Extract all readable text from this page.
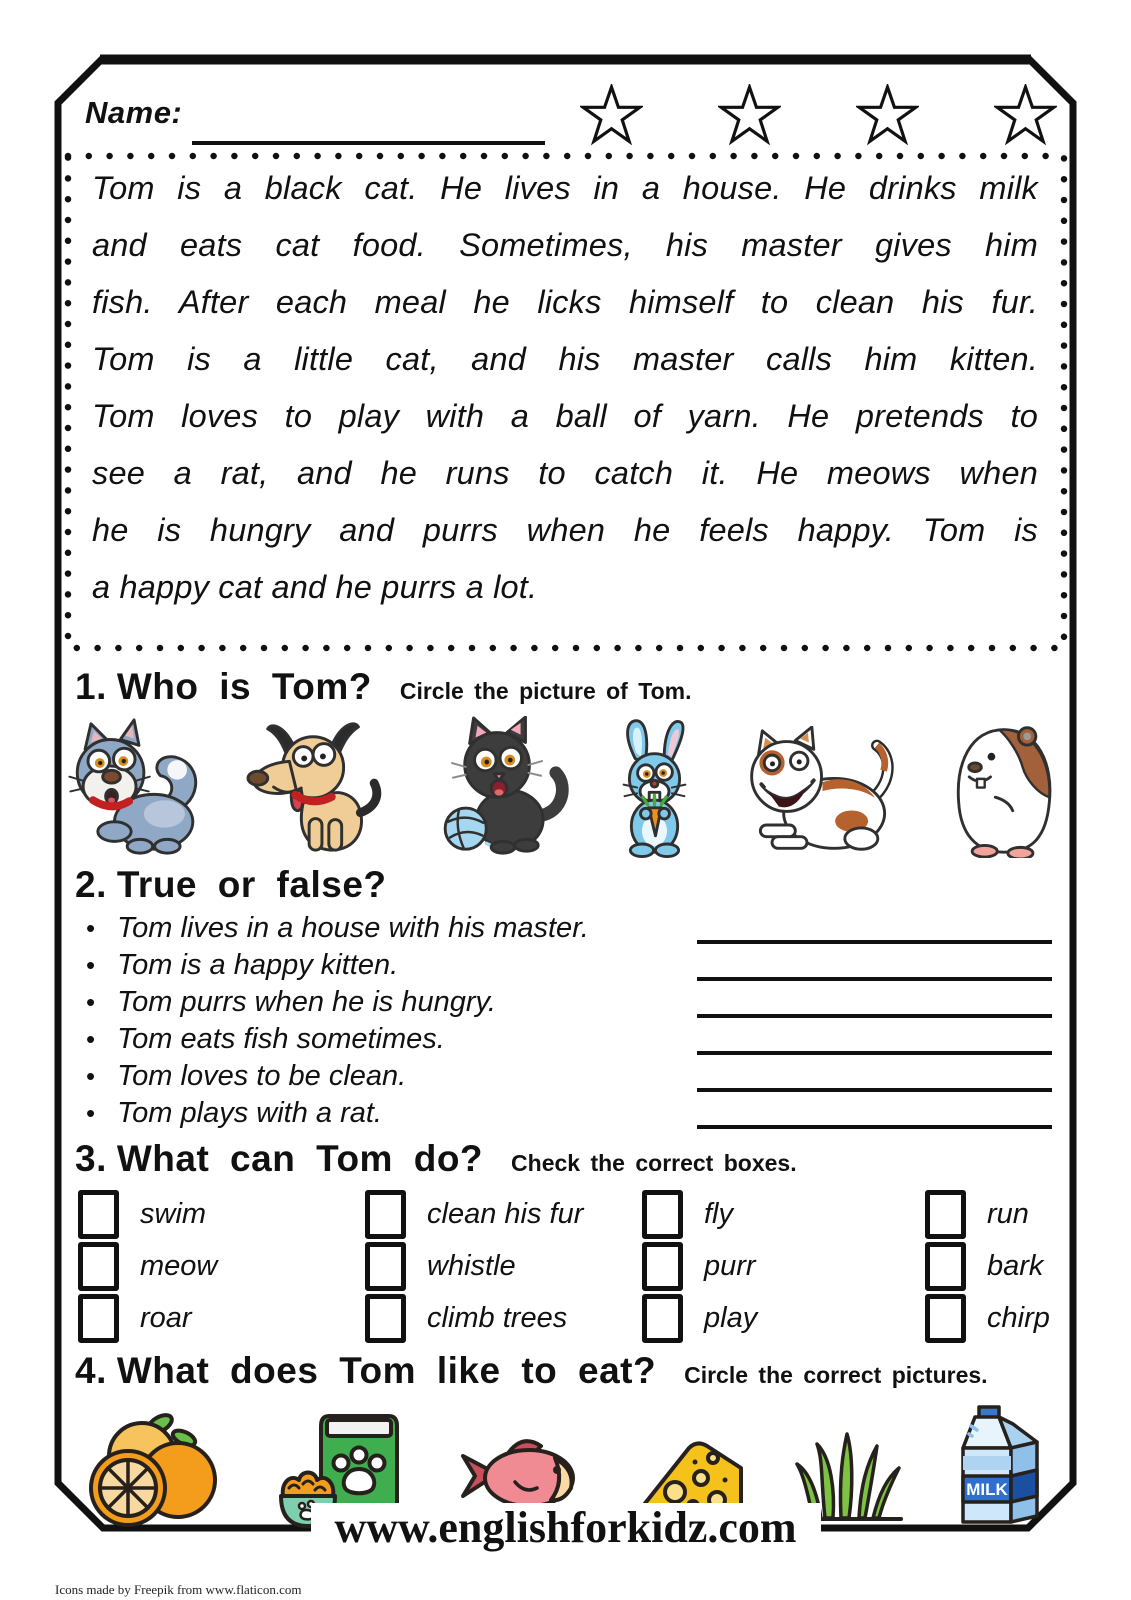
Name:
Tom is a black cat. He lives in a house. He drinks milk
and eats cat food. Sometimes, his master gives him
fish. After each meal he licks himself to clean his fur.
Tom is a little cat, and his master calls him kitten.
Tom loves to play with a ball of yarn. He pretends to
see a rat, and he runs to catch it. He meows when
he is hungry and purrs when he feels happy. Tom is
a happy cat and he purrs a lot.
1. Who is Tom? Circle the picture of Tom.
2. True or false?
• Tom lives in a house with his master.
• Tom is a happy kitten.
• Tom purrs when he is hungry.
• Tom eats fish sometimes.
• Tom loves to be clean.
• Tom plays with a rat.
3. What can Tom do? Check the correct boxes.
swim	clean his fur	fly	run
meow	whistle	purr	bark
roar	climb trees	play	chirp
4. What does Tom like to eat? Circle the correct pictures.
MILK
www.englishforkidz.com
Icons made by Freepik from www.flaticon.com
